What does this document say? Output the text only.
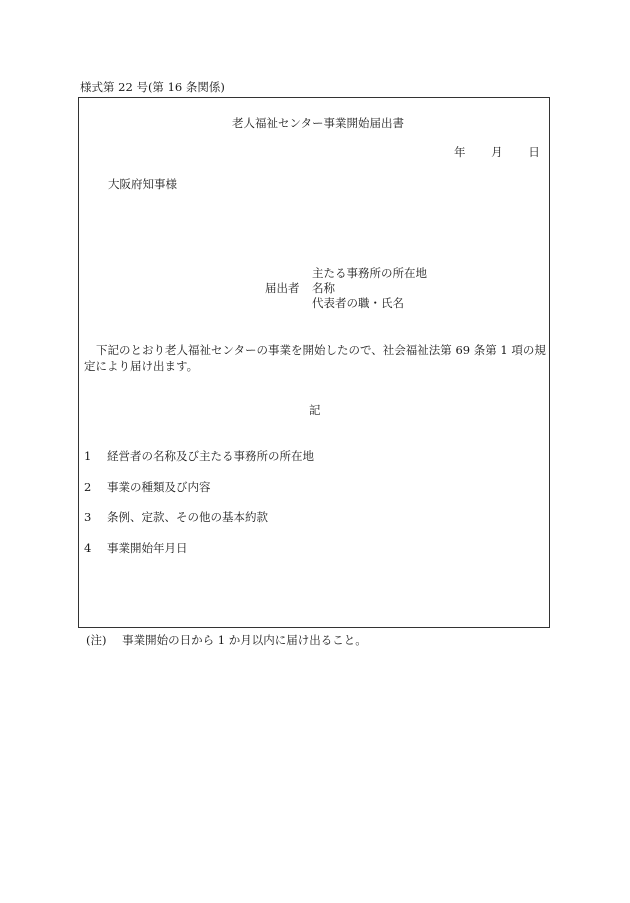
様式第 22 号(第 16 条関係)
老人福祉センター事業開始届出書
年 月 日
大阪府知事様
主たる事務所の所在地
届出者 名称
代表者の職・氏名
下記のとおり老人福祉センターの事業を開始したので、社会福祉法第 69 条第 1 項の規
定により届け出ます。
記
1 経営者の名称及び主たる事務所の所在地
2 事業の種類及び内容
3 条例、定款、その他の基本約款
4 事業開始年月日
(注) 事業開始の日から 1 か月以内に届け出ること。
